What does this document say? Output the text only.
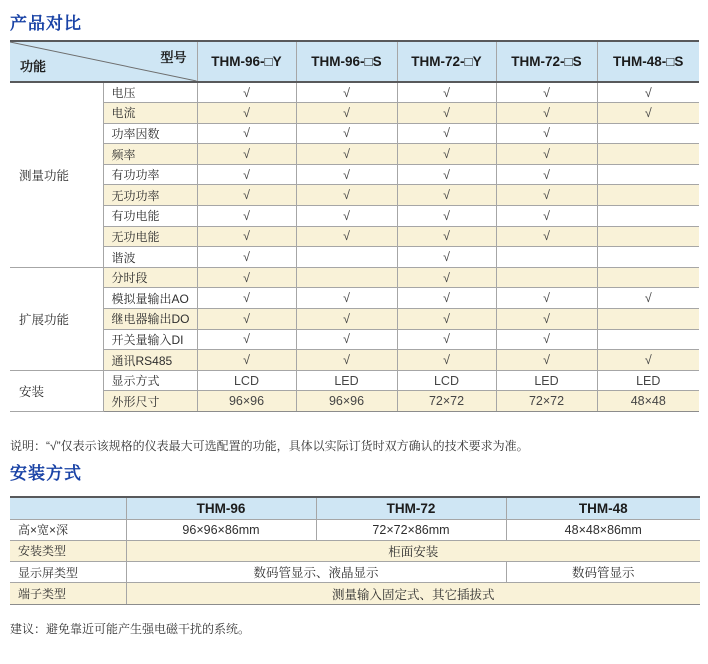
产品对比
型号
功能		THM-96-□Y	THM-96-□S	THM-72-□Y	THM-72-□S	THM-48-□S
测量功能	电压	√	√	√	√	√
	电流	√	√	√	√	√
	功率因数	√	√	√	√	
	频率	√	√	√	√	
	有功功率	√	√	√	√	
	无功功率	√	√	√	√	
	有功电能	√	√	√	√	
	无功电能	√	√	√	√	
	谐波	√		√		
扩展功能	分时段	√		√		
	模拟量输出AO	√	√	√	√	√
	继电器输出DO	√	√	√	√	
	开关量输入DI	√	√	√	√	
	通讯RS485	√	√	√	√	√
安装	显示方式	LCD	LED	LCD	LED	LED
	外形尺寸	96×96	96×96	72×72	72×72	48×48
说明：“√”仅表示该规格的仪表最大可选配置的功能，具体以实际订货时双方确认的技术要求为准。
安装方式
	THM-96	THM-72	THM-48
高×宽×深	96×96×86mm	72×72×86mm	48×48×86mm
安装类型	柜面安装		
显示屏类型	数码管显示、液晶显示		数码管显示
端子类型	测量输入固定式、其它插拔式		
建议：避免靠近可能产生强电磁干扰的系统。
